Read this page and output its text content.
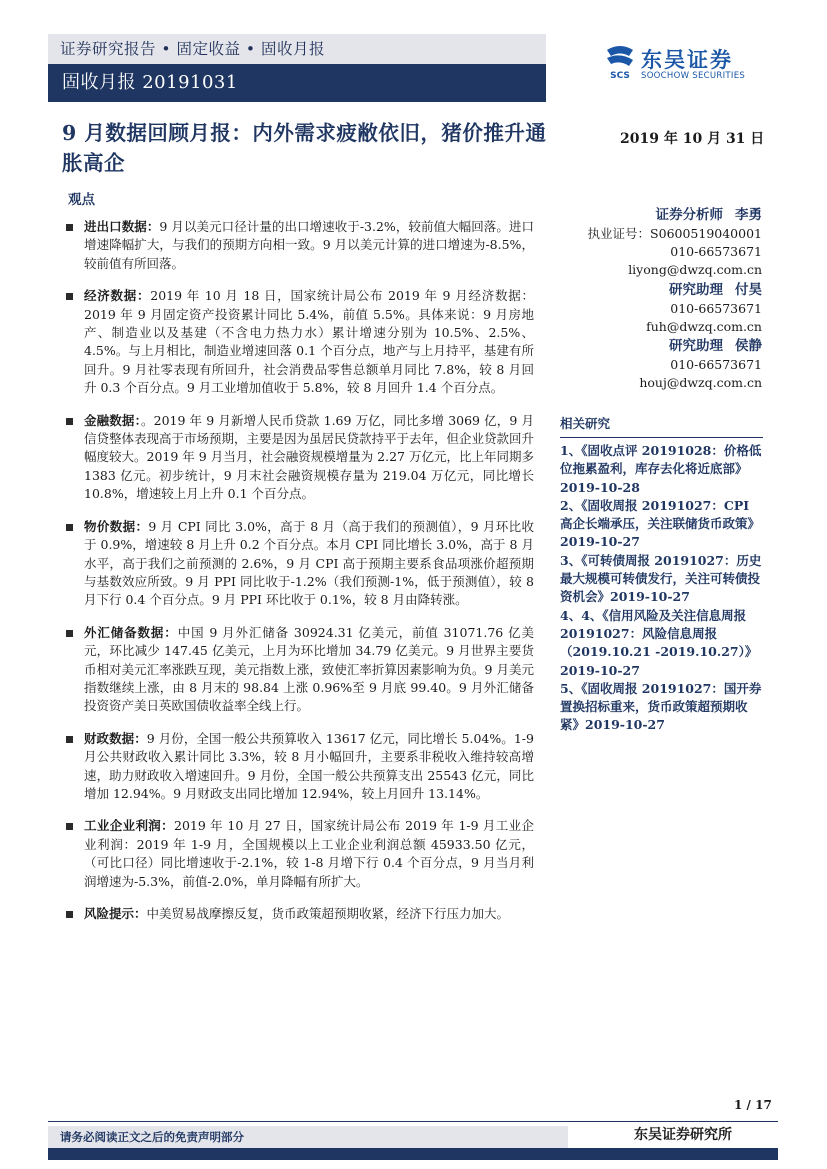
证券研究报告 • 固定收益 • 固收月报
固收月报 20191031	SCS
东吴证券
SOOCHOW SECURITIES
9 月数据回顾月报：内外需求疲敝依旧，猪价推升通胀高企
2019 年 10 月 31 日
观点
进出口数据：9 月以美元口径计量的出口增速收于-3.2%，较前值大幅回落。进口增速降幅扩大，与我们的预期方向相一致。9 月以美元计算的进口增速为-8.5%，较前值有所回落。
经济数据：2019 年 10 月 18 日，国家统计局公布 2019 年 9 月经济数据：2019 年 9 月固定资产投资累计同比 5.4%，前值 5.5%。具体来说：9 月房地产、制造业以及基建（不含电力热力水）累计增速分别为 10.5%、2.5%、4.5%。与上月相比，制造业增速回落 0.1 个百分点，地产与上月持平，基建有所回升。9 月社零表现有所回升，社会消费品零售总额单月同比 7.8%，较 8 月回升 0.3 个百分点。9 月工业增加值收于 5.8%，较 8 月回升 1.4 个百分点。
金融数据：。2019 年 9 月新增人民币贷款 1.69 万亿，同比多增 3069 亿，9 月信贷整体表现高于市场预期，主要是因为虽居民贷款持平于去年，但企业贷款回升幅度较大。2019 年 9 月当月，社会融资规模增量为 2.27 万亿元，比上年同期多 1383 亿元。初步统计，9 月末社会融资规模存量为 219.04 万亿元，同比增长 10.8%，增速较上月上升 0.1 个百分点。
物价数据：9 月 CPI 同比 3.0%，高于 8 月（高于我们的预测值），9 月环比收于 0.9%，增速较 8 月上升 0.2 个百分点。本月 CPI 同比增长 3.0%，高于 8 月水平，高于我们之前预测的 2.6%，9 月 CPI 高于预期主要系食品项涨价超预期与基数效应所致。9 月 PPI 同比收于-1.2%（我们预测-1%，低于预测值），较 8 月下行 0.4 个百分点。9 月 PPI 环比收于 0.1%，较 8 月由降转涨。
外汇储备数据：中国 9 月外汇储备 30924.31 亿美元，前值 31071.76 亿美元，环比减少 147.45 亿美元，上月为环比增加 34.79 亿美元。9 月世界主要货币相对美元汇率涨跌互现，美元指数上涨，致使汇率折算因素影响为负。9 月美元指数继续上涨，由 8 月末的 98.84 上涨 0.96%至 9 月底 99.40。9 月外汇储备投资资产美日英欧国债收益率全线上行。
财政数据：9 月份，全国一般公共预算收入 13617 亿元，同比增长 5.04%。1-9 月公共财政收入累计同比 3.3%，较 8 月小幅回升，主要系非税收入维持较高增速，助力财政收入增速回升。9 月份，全国一般公共预算支出 25543 亿元，同比增加 12.94%。9 月财政支出同比增加 12.94%，较上月回升 13.14%。
工业企业利润：2019 年 10 月 27 日，国家统计局公布 2019 年 1-9 月工业企业利润：2019 年 1-9 月，全国规模以上工业企业利润总额 45933.50 亿元，（可比口径）同比增速收于-2.1%，较 1-8 月增下行 0.4 个百分点，9 月当月利润增速为-5.3%，前值-2.0%，单月降幅有所扩大。
风险提示：中美贸易战摩擦反复，货币政策超预期收紧，经济下行压力加大。
证券分析师 李勇
执业证号：S0600519040001
010-66573671
liyong@dwzq.com.cn
研究助理 付昊
010-66573671
fuh@dwzq.com.cn
研究助理 侯静
010-66573671
houj@dwzq.com.cn
相关研究
1、《固收点评 20191028：价格低位拖累盈利，库存去化将近底部》2019-10-28
2、《固收周报 20191027：CPI 高企长端承压，关注联储货币政策》2019-10-27
3、《可转债周报 20191027：历史最大规模可转债发行，关注可转债投资机会》2019-10-27
4、4、《信用风险及关注信息周报 20191027：风险信息周报（2019.10.21 -2019.10.27）》2019-10-27
5、《固收周报 20191027：国开券置换招标重来，货币政策超预期收紧》2019-10-27
1 / 17
请务必阅读正文之后的免责声明部分	东吴证券研究所
